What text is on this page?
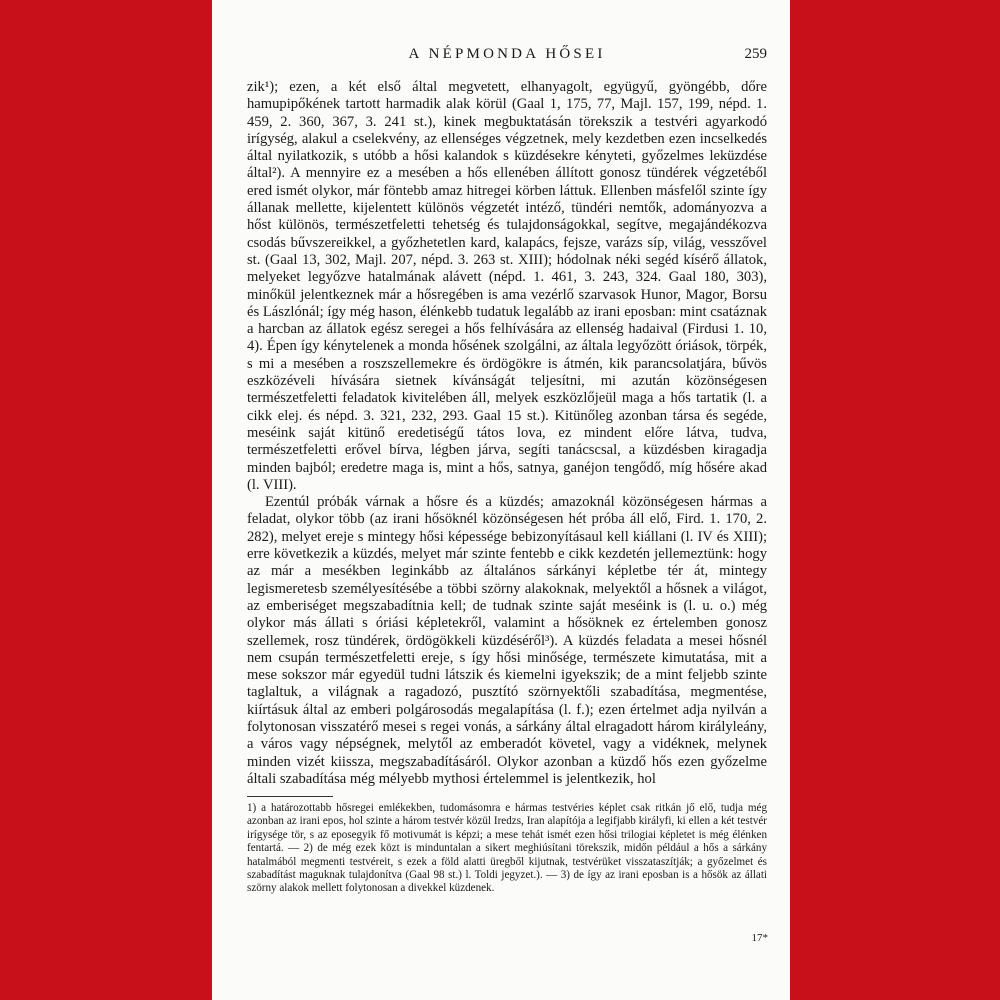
A NÉPMONDA HŐSEI	259

zik¹); ezen, a két első által megvetett, elhanyagolt, együgyű, gyöngébb, dőre hamupipőkének tartott harmadik alak körül (Gaal 1, 175, 77, Majl. 157, 199, népd. 1. 459, 2. 360, 367, 3. 241 st.), kinek megbuktatásán törekszik a testvéri agyarkodó irígység, alakul a cselekvény, az ellenséges végzetnek, mely kezdetben ezen incselkedés által nyilatkozik, s utóbb a hősi kalandok s küzdésekre kényteti, győzelmes leküzdése által²). A mennyire ez a mesében a hős ellenében állított gonosz tündérek végzetéből ered ismét olykor, már föntebb amaz hitregei körben láttuk. Ellenben másfelől szinte így állanak mellette, kijelentett különös végzetét intéző, tündéri nemtők, adományozva a hőst különös, természetfeletti tehetség és tulajdonságokkal, segítve, megajándékozva csodás bűvszereikkel, a győzhetetlen kard, kalapács, fejsze, varázs síp, világ, vesszővel st. (Gaal 13, 302, Majl. 207, népd. 3. 263 st. XIII); hódolnak néki segéd kísérő állatok, melyeket legyőzve hatalmának alávett (népd. 1. 461, 3. 243, 324. Gaal 180, 303), minőkül jelentkeznek már a hősregében is ama vezérlő szarvasok Hunor, Magor, Borsu és Lászlónál; így még hason, élénkebb tudatuk legalább az irani eposban: mint csatáznak a harcban az állatok egész seregei a hős felhívására az ellenség hadaival (Firdusi 1. 10, 4). Épen így kénytelenek a monda hősének szolgálni, az általa legyőzött óriások, törpék, s mi a mesében a roszszellemekre és ördögökre is átmén, kik parancsolatjára, bűvös eszközéveli hívására sietnek kívánságát teljesítni, mi azután közönségesen természetfeletti feladatok kivitelében áll, melyek eszközlőjeül maga a hős tartatik (l. a cikk elej. és népd. 3. 321, 232, 293. Gaal 15 st.). Kitünőleg azonban társa és segéde, meséink saját kitünő eredetiségű tátos lova, ez mindent előre látva, tudva, természetfeletti erővel bírva, légben járva, segíti tanácscsal, a küzdésben kiragadja minden bajból; eredetre maga is, mint a hős, satnya, ganéjon tengődő, míg hősére akad (l. VIII).

Ezentúl próbák várnak a hősre és a küzdés; amazoknál közönségesen hármas a feladat, olykor több (az irani hősöknél közönségesen hét próba áll elő, Fird. 1. 170, 2. 282), melyet ereje s mintegy hősi képessége bebizonyításaul kell kiállani (l. IV és XIII); erre következik a küzdés, melyet már szinte fentebb e cikk kezdetén jellemeztünk: hogy az már a mesékben leginkább az általános sárkányi képletbe tér át, mintegy legismeretesb személyesítésébe a többi szörny alakoknak, melyektől a hősnek a világot, az emberiséget megszabadítnia kell; de tudnak szinte saját meséink is (l. u. o.) még olykor más állati s óriási képletekről, valamint a hősöknek ez értelemben gonosz szellemek, rosz tündérek, ördögökkeli küzdéséről³). A küzdés feladata a mesei hősnél nem csupán természetfeletti ereje, s így hősi minősége, természete kimutatása, mit a mese sokszor már egyedül tudni látszik és kiemelni igyekszik; de a mint feljebb szinte taglaltuk, a világnak a ragadozó, pusztító szörnyektőli szabadítása, megmentése, kiírtásuk által az emberi polgárosodás megalapítása (l. f.); ezen értelmet adja nyilván a folytonosan visszatérő mesei s regei vonás, a sárkány által elragadott három királyleány, a város vagy népségnek, melytől az emberadót követel, vagy a vidéknek, melynek minden vizét kiissza, megszabadításáról. Olykor azonban a küzdő hős ezen győzelme általi szabadítása még mélyebb mythosi értelemmel is jelentkezik, hol

1) a határozottabb hősregei emlékekben, tudomásomra e hármas testvéries képlet csak ritkán jő elő, tudja még azonban az irani epos, hol szinte a három testvér közül Iredzs, Iran alapítója a legifjabb királyfi, ki ellen a két testvér irígysége tör, s az eposegyik fő motivumát is képzi; a mese tehát ismét ezen hősi trilogiai képletet is még élénken fentartá. — 2) de még ezek közt is minduntalan a sikert meghiúsítani törekszik, midőn például a hős a sárkány hatalmából megmenti testvéreit, s ezek a föld alatti üregből kijutnak, testvérüket visszataszítják; a győzelmet és szabadítást maguknak tulajdonítva (Gaal 98 st.) l. Toldi jegyzet.). — 3) de így az irani eposban is a hősök az állati szörny alakok mellett folytonosan a divekkel küzdenek.

17*
